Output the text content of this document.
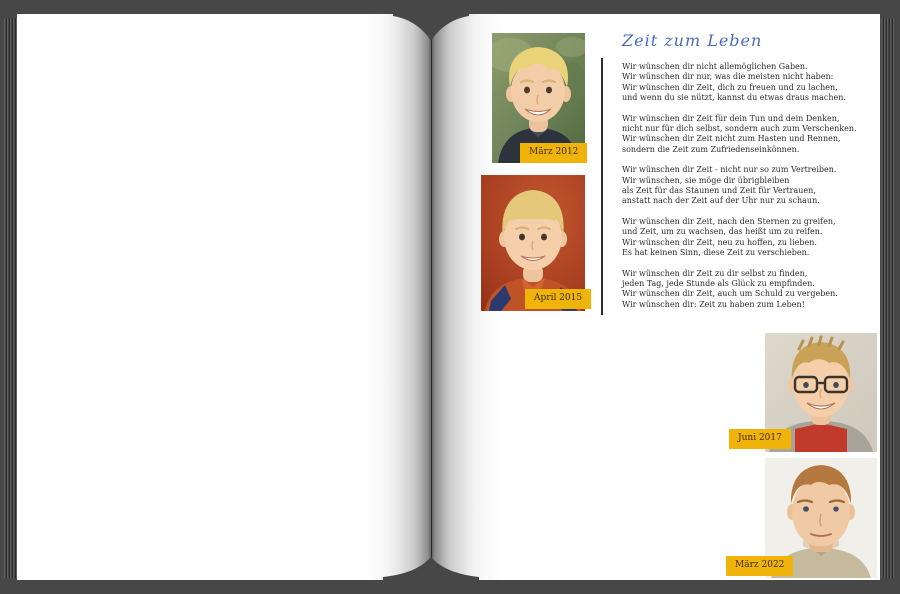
Zeit zum Leben

Wir wünschen dir nicht allemöglichen Gaben.
Wir wünschen dir nur, was die meisten nicht haben:
Wir wünschen dir Zeit, dich zu freuen und zu lachen,
und wenn du sie nützt, kannst du etwas draus machen.

Wir wünschen dir Zeit für dein Tun und dein Denken,
nicht nur für dich selbst, sondern auch zum Verschenken.
Wir wünschen dir Zeit nicht zum Hasten und Rennen,
sondern die Zeit zum Zufriedenseinkönnen.

Wir wünschen dir Zeit - nicht nur so zum Vertreiben.
Wir wünschen, sie möge dir übrigbleiben
als Zeit für das Staunen und Zeit für Vertrauen,
anstatt nach der Zeit auf der Uhr nur zu schaun.

Wir wünschen dir Zeit, nach den Sternen zu greifen,
und Zeit, um zu wachsen, das heißt um zu reifen.
Wir wünschen dir Zeit, neu zu hoffen, zu lieben.
Es hat keinen Sinn, diese Zeit zu verschieben.

Wir wünschen dir Zeit zu dir selbst zu finden,
jeden Tag, jede Stunde als Glück zu empfinden.
Wir wünschen dir Zeit, auch um Schuld zu vergeben.
Wir wünschen dir: Zeit zu haben zum Leben!

März 2012
April 2015
Juni 2017
März 2022
